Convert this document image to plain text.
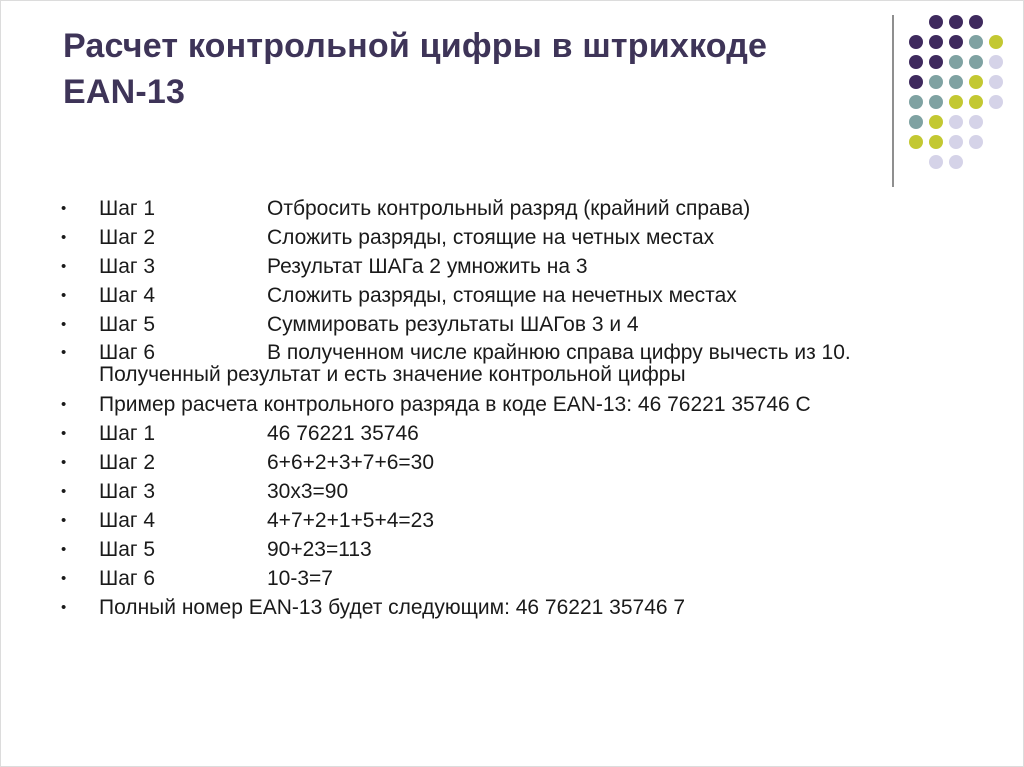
Расчет контрольной цифры в штрихкоде
EAN-13
• Шаг 1	Отбросить контрольный разряд (крайний справа)
• Шаг 2	Сложить разряды, стоящие на четных местах
• Шаг 3	Результат ШАГа 2 умножить на 3
• Шаг 4	Сложить разряды, стоящие на нечетных местах
• Шаг 5	Суммировать результаты ШАГов 3 и 4
• Шаг 6	В полученном числе крайнюю справа цифру вычесть из 10.
Полученный результат и есть значение контрольной цифры
• Пример расчета контрольного разряда в коде EAN-13: 46 76221 35746 C
• Шаг 1	46 76221 35746
• Шаг 2	6+6+2+3+7+6=30
• Шаг 3	30x3=90
• Шаг 4	4+7+2+1+5+4=23
• Шаг 5	90+23=113
• Шаг 6	10-3=7
• Полный номер EAN-13 будет следующим: 46 76221 35746 7
